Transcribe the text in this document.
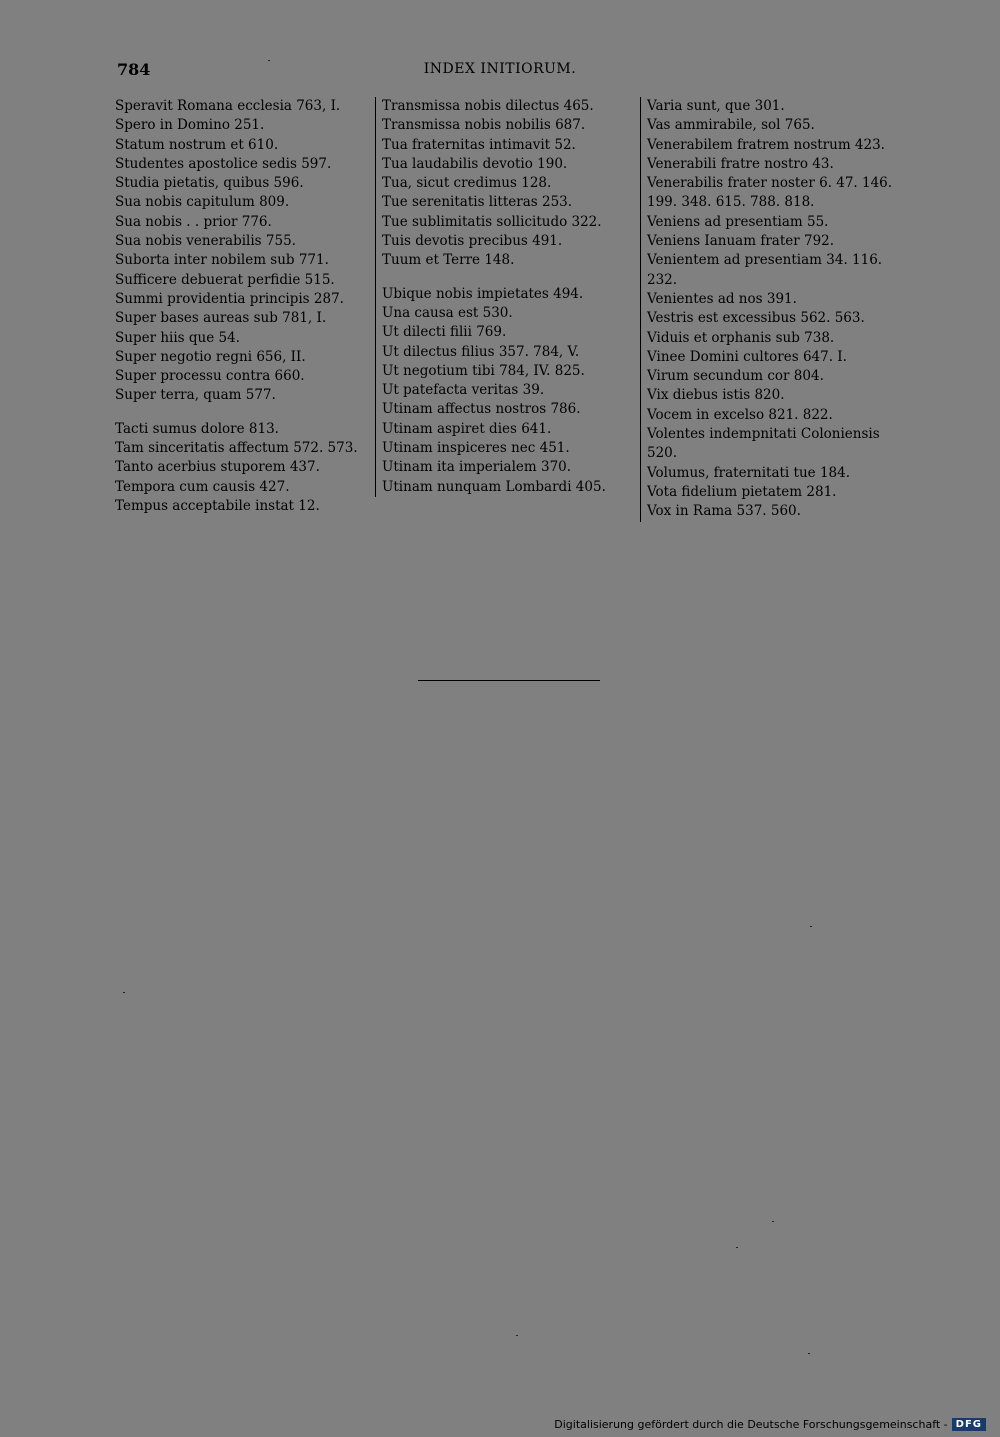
784	INDEX INITIORUM.
Speravit Romana ecclesia 763, I.
Spero in Domino 251.
Statum nostrum et 610.
Studentes apostolice sedis 597.
Studia pietatis, quibus 596.
Sua nobis capitulum 809.
Sua nobis . . prior 776.
Sua nobis venerabilis 755.
Suborta inter nobilem sub 771.
Sufficere debuerat perfidie 515.
Summi providentia principis 287.
Super bases aureas sub 781, I.
Super hiis que 54.
Super negotio regni 656, II.
Super processu contra 660.
Super terra, quam 577.
Tacti sumus dolore 813.
Tam sinceritatis affectum 572. 573.
Tanto acerbius stuporem 437.
Tempora cum causis 427.
Tempus acceptabile instat 12.
Transmissa nobis dilectus 465.
Transmissa nobis nobilis 687.
Tua fraternitas intimavit 52.
Tua laudabilis devotio 190.
Tua, sicut credimus 128.
Tue serenitatis litteras 253.
Tue sublimitatis sollicitudo 322.
Tuis devotis precibus 491.
Tuum et Terre 148.
Ubique nobis impietates 494.
Una causa est 530.
Ut dilecti filii 769.
Ut dilectus filius 357. 784, V.
Ut negotium tibi 784, IV. 825.
Ut patefacta veritas 39.
Utinam affectus nostros 786.
Utinam aspiret dies 641.
Utinam inspiceres nec 451.
Utinam ita imperialem 370.
Utinam nunquam Lombardi 405.
Varia sunt, que 301.
Vas ammirabile, sol 765.
Venerabilem fratrem nostrum 423.
Venerabili fratre nostro 43.
Venerabilis frater noster 6. 47. 146. 199. 348. 615. 788. 818.
Veniens ad presentiam 55.
Veniens Ianuam frater 792.
Venientem ad presentiam 34. 116. 232.
Venientes ad nos 391.
Vestris est excessibus 562. 563.
Viduis et orphanis sub 738.
Vinee Domini cultores 647. I.
Virum secundum cor 804.
Vix diebus istis 820.
Vocem in excelso 821. 822.
Volentes indempnitati Coloniensis 520.
Volumus, fraternitati tue 184.
Vota fidelium pietatem 281.
Vox in Rama 537. 560.
Digitalisierung gefördert durch die Deutsche Forschungsgemeinschaft - DFG
